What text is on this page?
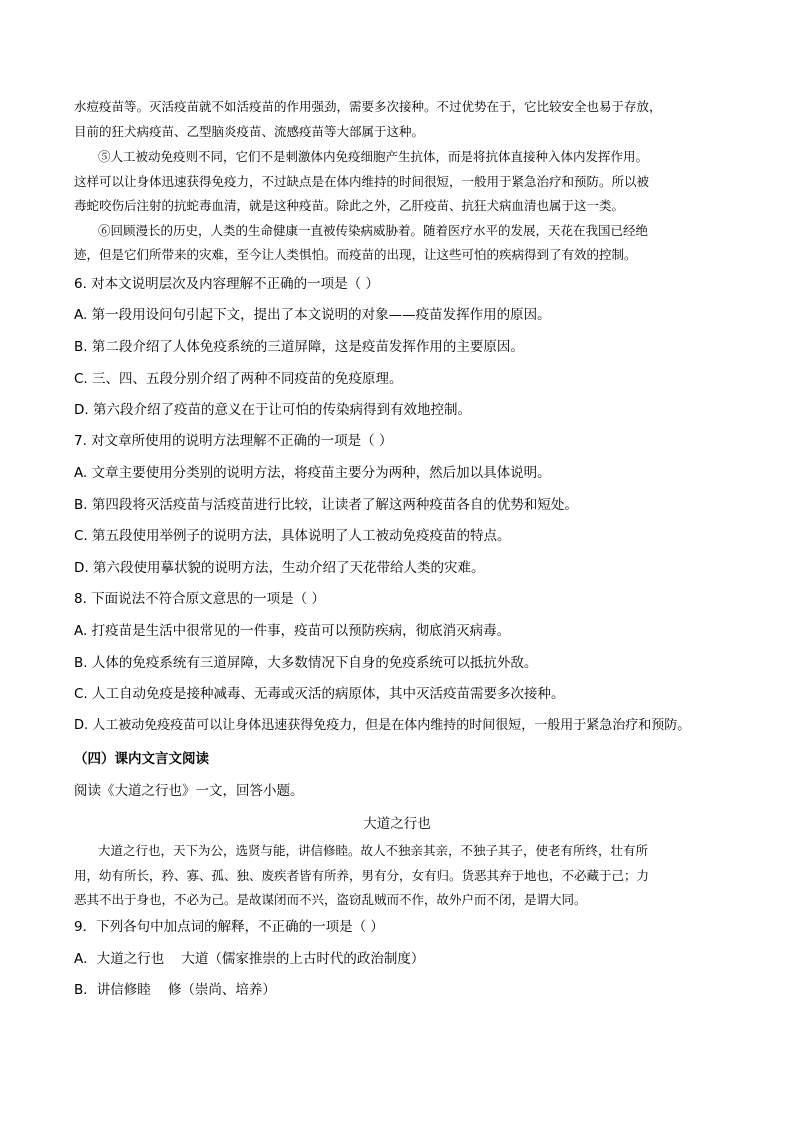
水痘疫苗等。灭活疫苗就不如活疫苗的作用强劲，需要多次接种。不过优势在于，它比较安全也易于存放，
目前的狂犬病疫苗、乙型脑炎疫苗、流感疫苗等大部属于这种。
⑤人工被动免疫则不同，它们不是刺激体内免疫细胞产生抗体，而是将抗体直接种入体内发挥作用。
这样可以让身体迅速获得免疫力，不过缺点是在体内维持的时间很短，一般用于紧急治疗和预防。所以被
毒蛇咬伤后注射的抗蛇毒血清，就是这种疫苗。除此之外，乙肝疫苗、抗狂犬病血清也属于这一类。
⑥回顾漫长的历史，人类的生命健康一直被传染病威胁着。随着医疗水平的发展，天花在我国已经绝
迹，但是它们所带来的灾难，至今让人类惧怕。而疫苗的出现，让这些可怕的疾病得到了有效的控制。
6. 对本文说明层次及内容理解不正确的一项是（ ）
A. 第一段用设问句引起下文，提出了本文说明的对象——疫苗发挥作用的原因。
B. 第二段介绍了人体免疫系统的三道屏障，这是疫苗发挥作用的主要原因。
C. 三、四、五段分别介绍了两种不同疫苗的免疫原理。
D. 第六段介绍了疫苗的意义在于让可怕的传染病得到有效地控制。
7. 对文章所使用的说明方法理解不正确的一项是（ ）
A. 文章主要使用分类别的说明方法，将疫苗主要分为两种，然后加以具体说明。
B. 第四段将灭活疫苗与活疫苗进行比较，让读者了解这两种疫苗各自的优势和短处。
C. 第五段使用举例子的说明方法，具体说明了人工被动免疫疫苗的特点。
D. 第六段使用摹状貌的说明方法，生动介绍了天花带给人类的灾难。
8. 下面说法不符合原文意思的一项是（ ）
A. 打疫苗是生活中很常见的一件事，疫苗可以预防疾病，彻底消灭病毒。
B. 人体的免疫系统有三道屏障，大多数情况下自身的免疫系统可以抵抗外敌。
C. 人工自动免疫是接种减毒、无毒或灭活的病原体，其中灭活疫苗需要多次接种。
D. 人工被动免疫疫苗可以让身体迅速获得免疫力，但是在体内维持的时间很短，一般用于紧急治疗和预防。
（四）课内文言文阅读
阅读《大道之行也》一文，回答小题。
大道之行也
大道之行也，天下为公，选贤与能，讲信修睦。故人不独亲其亲，不独子其子，使老有所终，壮有所
用，幼有所长，矜、寡、孤、独、废疾者皆有所养，男有分，女有归。货恶其弃于地也，不必藏于己；力
恶其不出于身也，不必为己。是故谋闭而不兴，盗窃乱贼而不作，故外户而不闭，是谓大同。
9．下列各句中加点词的解释，不正确的一项是（ ）
A．大道之行也    大道（儒家推崇的上古时代的政治制度）
B．讲信修睦    修（崇尚、培养）
